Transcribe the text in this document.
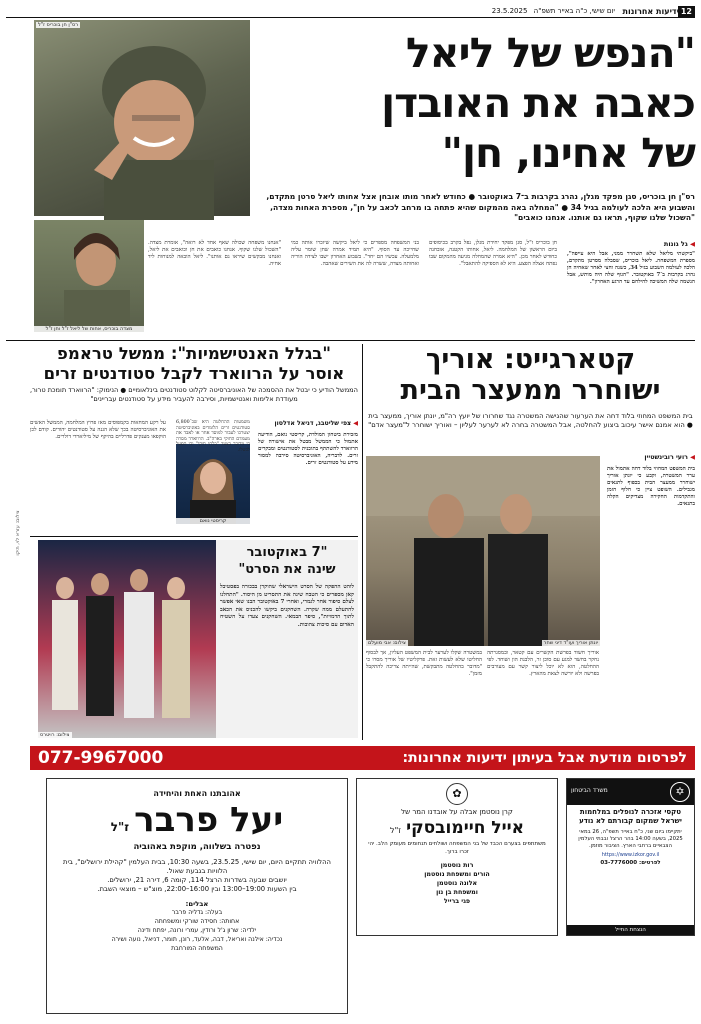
12
ידיעות אחרונות
יום שישי, כ"ה באייר תשפ"ה 23.5.2025
רס"ן חן בוכריס ז"ל
"הנפש של ליאל
כאבה את האובדן
של אחינו, חן"
רס"ן חן בוכריס, סגן מפקד מגלן, נהרג בקרבות ב־7 באוקטובר ● כחודש לאחר מותו אובחן אצל אחותו ליאל סרטן מתקדם, והשבוע היא הלכה לעולמה בגיל 34 ● "המחלה באה מהמקום שהיא פתחה בו מרחב לכאב על חן", מספרת האחות מצדה, "השכול שלנו שקוף, תראו גם אותנו. אנחנו כואבים"
מצדה בוכריס, אחות של ליאל ז"ל וחן ז"ל
◀ גל גונות
"ביקשתי מליאל שלא תשחרר ממני, אבל היא עייפה", מספרת המשפחה. ליאל בוכריס, שסבלה מסרטן מתקדם, הלכה לעולמה השבוע בגיל 34, כשנה וחצי לאחר שאחיה חן נהרג בקרבות ב־7 באוקטובר. "הגוף שלה היה מותש, אבל הנשמה שלה המשיכה להילחם עד הרגע האחרון".
חן בוכריס ז"ל, סגן מפקד יחידת מגלן, נפל בקרב בכיסופים ביום הראשון של המלחמה. ליאל, אחותו הקטנה, אובחנה כחודש לאחר מכן. "היא אמרה שהמחלה מגיעה מהמקום שבו נפתח אצלה הפצע. היא לא הספיקה להתאבל".
בני המשפחה מספרים כי ליאל ביקשה שיזכרו אותה כמי שחייכה עד הסוף. "היא תמיד אמרה שחן שומר עליה מלמעלה. עכשיו הם יחד". בשבוע האחרון ישבו לצידה הוריה ואחותה מצדה, ששרה לה את השירים שאהבה.
"אנחנו משפחה שכולה שאף אחד לא רואה", אומרת מצדה. "השכול שלנו שקוף. אנחנו כואבים את חן וכואבים את ליאל, ואנחנו מבקשים שיראו גם אותנו". ליאל הובאה למנוחות ליד אחיה.
קטארגייט: אוריך
ישוחרר ממעצר הבית
בית המשפט המחוזי בלוד דחה את הערעור שהגישה המשטרה נגד שחרורו של יועץ רה"מ, יונתן אוריך, ממעצר בית ● הוא אמנם אישר עיכוב ביצוע להחלטה, אבל המשטרה בחרה לא לערער לעליון – ואוריך ישוחרר ל"מעצר אדם"
◀ רועי רובינשטיין
בית המשפט המחוזי בלוד דחה אתמול את ערר המשטרה, וקבע כי יונתן אוריך ישוחרר ממעצר הבית בכפוף לתנאים מגבילים. השופט ציין כי חלוף הזמן והתקדמות החקירה מצדיקים הקלה בתנאים.
יונתן אוריך ועו"ד דיגי שחר
צילום: אבי מועלם
אוריך חשוד בפרשת הקשרים עם קטאר, ובמסגרתה נחקר בחשד למגע עם סוכן זר, הלבנת הון ושוחד. לפי ההחלטה, הוא לא יוכל ליצור קשר עם מעורבים בפרשה ולא יורשה לצאת מהארץ.
במשטרה שקלו לערער לבית המשפט העליון, אך לבסוף החליטו שלא לעשות זאת. פרקליטיו של אוריך מסרו כי "מדובר בהחלטה מתבקשת, שהייתה צריכה להתקבל מזמן".
"בגלל האנטישמיות": ממשל טראמפ
אוסר על הרווארד לקבל סטודנטים זרים
הממשל הודיע כי יבטל את ההסמכה של האוניברסיטה לקלוט סטודנטים בינלאומיים ● הנימוק: "הרווארד תומכת טרור, מעודדת אלימות ואנטישמיות, וסירבה להעביר מידע על סטודנטים עבריינים"
◀ צפי שליטבג, דניאל אדלסון
מזכירת ביטחון המולדת, קריסטי נואם, הודיעה אתמול כי הממשל מבטל את אישורה של הרווארד להשתתף בתוכנית לסטודנטים ומבקרים זרים. לדבריה, האוניברסיטה סירבה למסור מידע על סטודנטים זרים.
קריסטי נואם
משמעות ההחלטה היא שכ־6,800 סטודנטים זרים הלומדים באוניברסיטה יצטרכו לעבור למוסד אחר או לאבד את מעמדם החוקי בארה"ב. הרווארד מסרה כי מדובר בצעד "בלתי חוקי" וכי תפעל לבטלו.
על רקע המחאות בקמפוסים מאז פרוץ המלחמה, הממשל האשים את האוניברסיטה בכך שלא הגנה על סטודנטים יהודים. קודם לכן הוקפאו מענקים פדרליים בהיקף של מיליארדי דולרים.
צילום: רויטרס
"7 באוקטובר
שינה את הסרט"
לוהט ההפקה של הסרט הישראלי שהוקרן בבכורה בפסטיבל קאן מספרים כי הטבח שינה את התסריט מן היסוד. "התחלנו לצלם סיפור אחר לגמרי, ואחרי 7 באוקטובר הבנו שאי אפשר להתעלם ממה שקרה. השחקנים ביקשו להכניס את הכאב לתוך הדמויות", סיפר הבמאי. השחקנים צעדו על השטיח האדום עם סיכות צהובות.
צילום: עזרא לוי, תיקו
לפרסום מודעת אבל בעיתון ידיעות אחרונות:
077-9967000
✡
משרד הביטחון
טקסי אזכרה לנופלים במלחמות ישראל שמקום קבורתם לא נודע
יתקיימו ביום שני, כ"ח באייר תשפ"ה, 26 במאי 2025, בשעה 14:00 בהר הרצל ובבתי העלמין הצבאיים ברחבי הארץ. הציבור מוזמן.
https://www.izkor.gov.il
לפרטים: 03-7776000
הנצחת החייל
✿
קרן נוסטמן אבלה על אובדנו המר של
אייל חיימובסקי ז"ל
משתתפים בצערם הכבד של בני המשפחה ושולחים תנחומים מעומק הלב. יהי זכרו ברוך.
רות נוסטמן
הורים ומשפחת נוסטמן
אלונה נוסטמן
ומשפחת בן נון
פגי ברייל
אהובתנו האחת והיחידה
יעל פרבר ז"ל
נפטרה בשלווה, מוקפת באהוביה
ההלוויה תתקיים היום, יום שישי, 23.5.25, בשעה 10:30, בבית העלמין "קהילת ירושלים", בית הלוויות בגבעת שאול.
יושבים שבעה בשדרות הרצל 114, קומה 6, דירה 21, ירושלים.
בין השעות 19:00–13:00 ובין 16:00–22:00, מוצ"ש – מוצאי השבת.
אבלים:
בעלה: גדליה פרבר
אחותה: חסידה שורקי ומשפחתה
ילדיה: שרון ג'ל ורודין, עמרי ורונה, יפתח ודינה
נכדיה: אילנה ואריאל, דבה, אלעד, רונן, תומר, דניאל, נועה ושירה
המשפחה המורחבת
